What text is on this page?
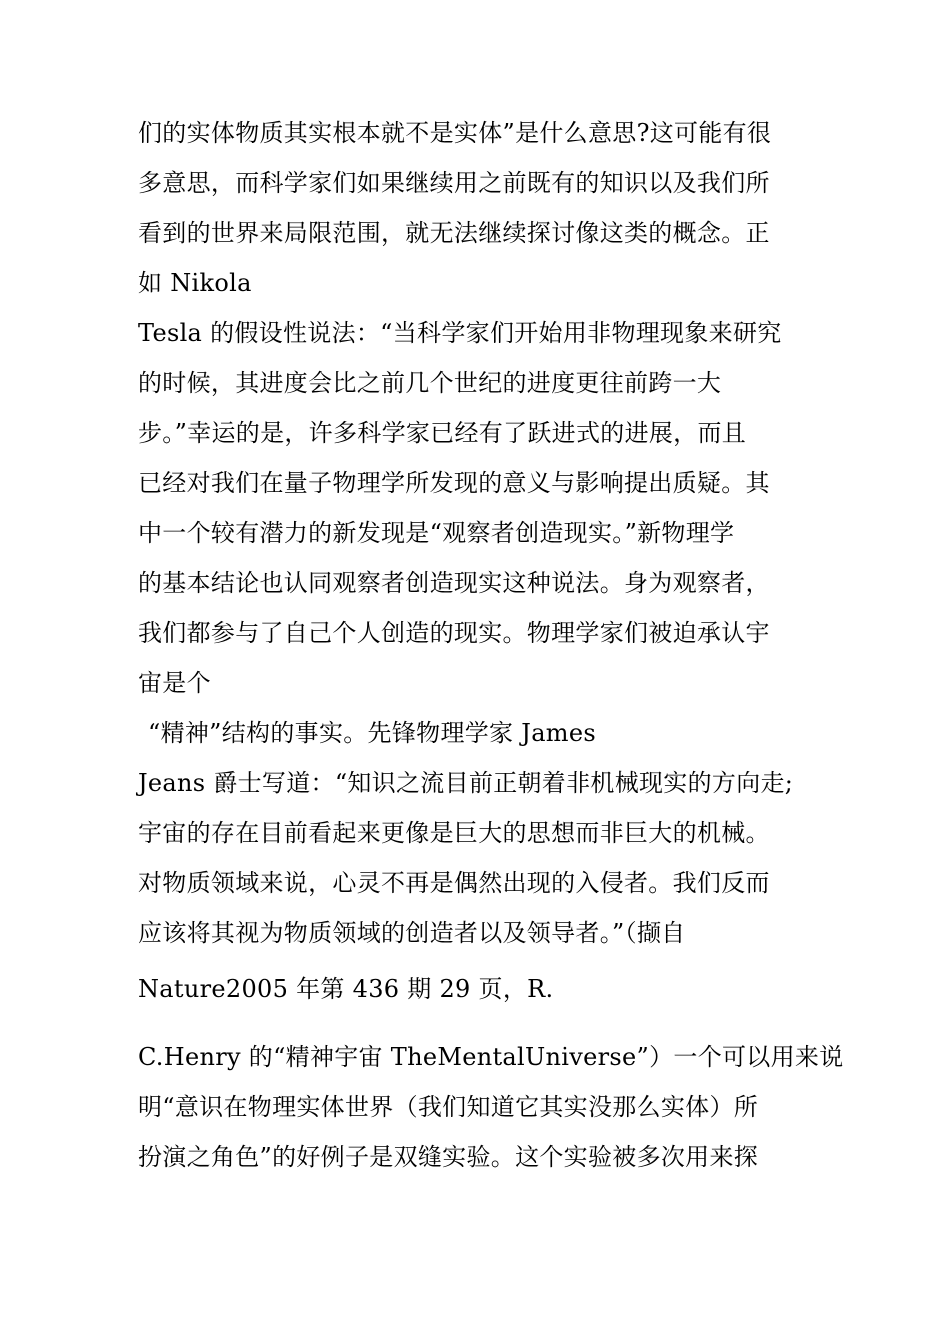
们的实体物质其实根本就不是实体”是什么意思?这可能有很
多意思，而科学家们如果继续用之前既有的知识以及我们所
看到的世界来局限范围，就无法继续探讨像这类的概念。正
如 Nikola
Tesla 的假设性说法：“当科学家们开始用非物理现象来研究
的时候，其进度会比之前几个世纪的进度更往前跨一大
步。”幸运的是，许多科学家已经有了跃进式的进展，而且
已经对我们在量子物理学所发现的意义与影响提出质疑。其
中一个较有潜力的新发现是“观察者创造现实。”新物理学
的基本结论也认同观察者创造现实这种说法。身为观察者，
我们都参与了自己个人创造的现实。物理学家们被迫承认宇
宙是个
“精神”结构的事实。先锋物理学家 James
Jeans 爵士写道：“知识之流目前正朝着非机械现实的方向走;
宇宙的存在目前看起来更像是巨大的思想而非巨大的机械。
对物质领域来说，心灵不再是偶然出现的入侵者。我们反而
应该将其视为物质领域的创造者以及领导者。”（撷自
Nature2005 年第 436 期 29 页，R.
C.Henry 的“精神宇宙 TheMentalUniverse”）一个可以用来说
明“意识在物理实体世界（我们知道它其实没那么实体）所
扮演之角色”的好例子是双缝实验。这个实验被多次用来探
